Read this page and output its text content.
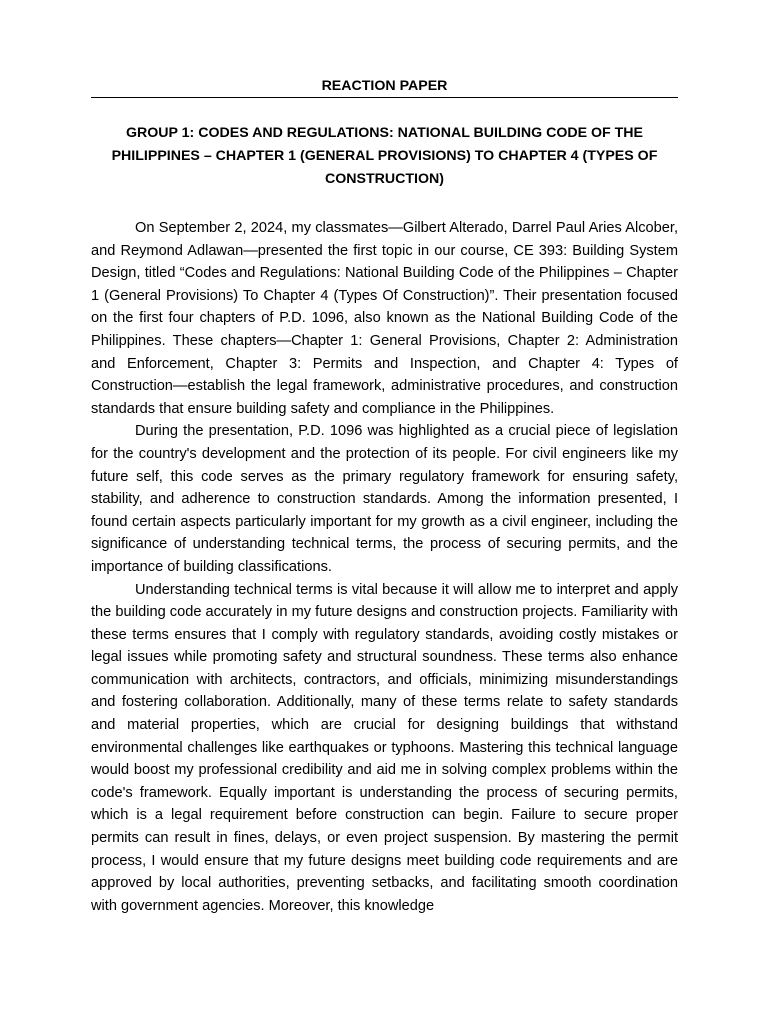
REACTION PAPER
GROUP 1: CODES AND REGULATIONS: NATIONAL BUILDING CODE OF THE PHILIPPINES – CHAPTER 1 (GENERAL PROVISIONS) TO CHAPTER 4 (TYPES OF CONSTRUCTION)

On September 2, 2024, my classmates—Gilbert Alterado, Darrel Paul Aries Alcober, and Reymond Adlawan—presented the first topic in our course, CE 393: Building System Design, titled “Codes and Regulations: National Building Code of the Philippines – Chapter 1 (General Provisions) To Chapter 4 (Types Of Construction)”. Their presentation focused on the first four chapters of P.D. 1096, also known as the National Building Code of the Philippines. These chapters—Chapter 1: General Provisions, Chapter 2: Administration and Enforcement, Chapter 3: Permits and Inspection, and Chapter 4: Types of Construction—establish the legal framework, administrative procedures, and construction standards that ensure building safety and compliance in the Philippines.

During the presentation, P.D. 1096 was highlighted as a crucial piece of legislation for the country's development and the protection of its people. For civil engineers like my future self, this code serves as the primary regulatory framework for ensuring safety, stability, and adherence to construction standards. Among the information presented, I found certain aspects particularly important for my growth as a civil engineer, including the significance of understanding technical terms, the process of securing permits, and the importance of building classifications.

Understanding technical terms is vital because it will allow me to interpret and apply the building code accurately in my future designs and construction projects. Familiarity with these terms ensures that I comply with regulatory standards, avoiding costly mistakes or legal issues while promoting safety and structural soundness. These terms also enhance communication with architects, contractors, and officials, minimizing misunderstandings and fostering collaboration. Additionally, many of these terms relate to safety standards and material properties, which are crucial for designing buildings that withstand environmental challenges like earthquakes or typhoons. Mastering this technical language would boost my professional credibility and aid me in solving complex problems within the code's framework. Equally important is understanding the process of securing permits, which is a legal requirement before construction can begin. Failure to secure proper permits can result in fines, delays, or even project suspension. By mastering the permit process, I would ensure that my future designs meet building code requirements and are approved by local authorities, preventing setbacks, and facilitating smooth coordination with government agencies. Moreover, this knowledge
